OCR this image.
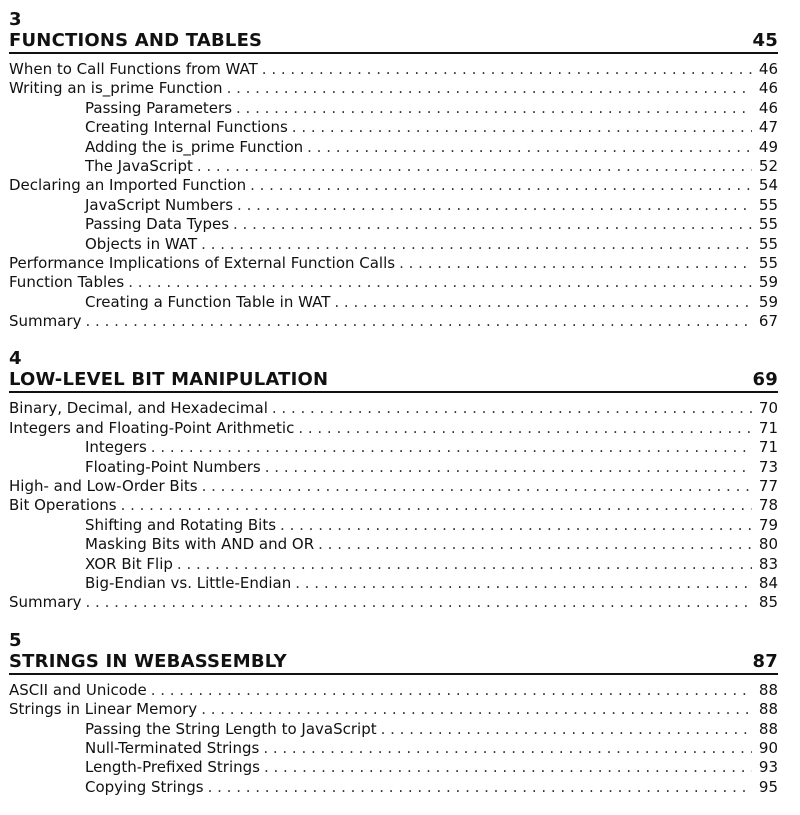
3
FUNCTIONS AND TABLES	45
When to Call Functions from WAT . . .	46
Writing an is_prime Function . . .	46
Passing Parameters . . .	46
Creating Internal Functions . . .	47
Adding the is_prime Function . . .	49
The JavaScript . . .	52
Declaring an Imported Function . . .	54
JavaScript Numbers . . .	55
Passing Data Types . . .	55
Objects in WAT . . .	55
Performance Implications of External Function Calls . . .	55
Function Tables . . .	59
Creating a Function Table in WAT . . .	59
Summary . . .	67
4
LOW-LEVEL BIT MANIPULATION	69
Binary, Decimal, and Hexadecimal . . .	70
Integers and Floating-Point Arithmetic . . .	71
Integers . . .	71
Floating-Point Numbers . . .	73
High- and Low-Order Bits . . .	77
Bit Operations . . .	78
Shifting and Rotating Bits . . .	79
Masking Bits with AND and OR . . .	80
XOR Bit Flip . . .	83
Big-Endian vs. Little-Endian . . .	84
Summary . . .	85
5
STRINGS IN WEBASSEMBLY	87
ASCII and Unicode . . .	88
Strings in Linear Memory . . .	88
Passing the String Length to JavaScript . . .	88
Null-Terminated Strings . . .	90
Length-Prefixed Strings . . .	93
Copying Strings . . .	95
